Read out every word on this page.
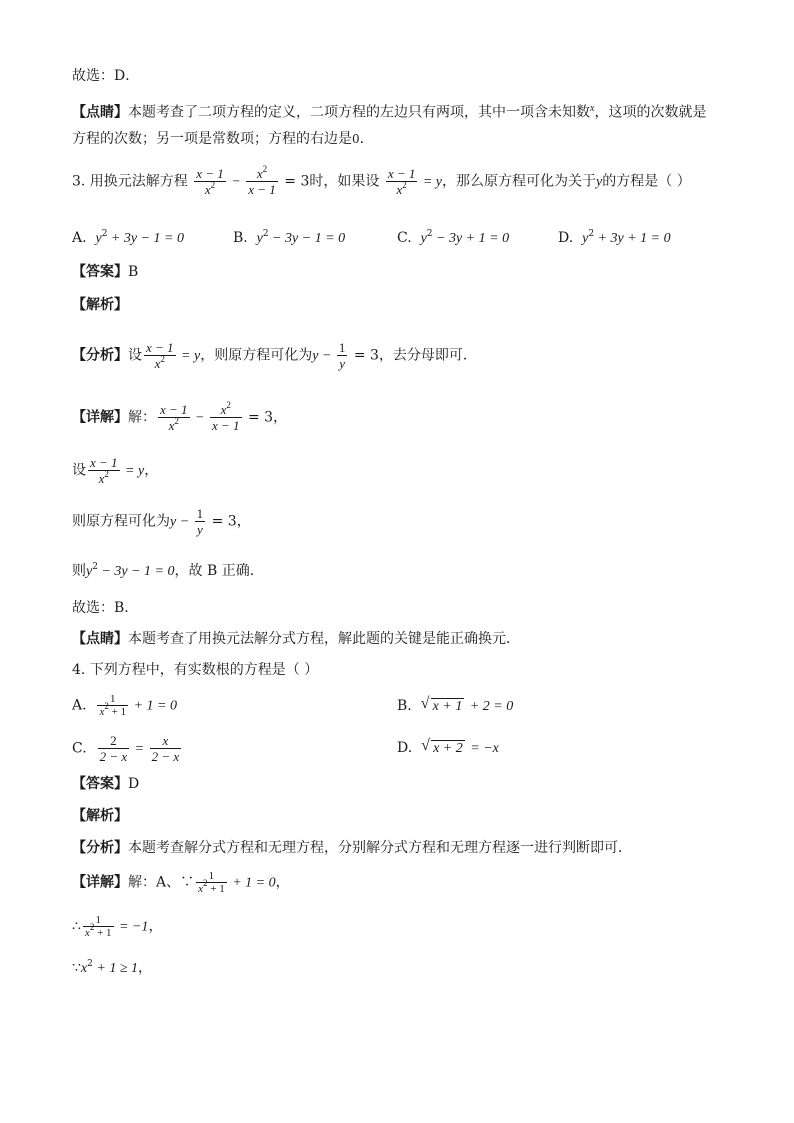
故选：D．
【点睛】本题考查了二项方程的定义，二项方程的左边只有两项，其中一项含未知数$^x$，这项的次数就是
方程的次数；另一项是常数项；方程的右边是0．
3. 用换元法解方程 $\frac{x - 1}{x^2} - \frac{x^2}{x - 1} = 3$时，如果设 $\frac{x - 1}{x^2} = y$，那么原方程可化为关于y的方程是（ ）
A. $y^2 + 3y - 1 = 0$	B. $y^2 - 3y - 1 = 0$	C. $y^2 - 3y + 1 = 0$	D. $y^2 + 3y + 1 = 0$
【答案】B
【解析】
【分析】设 $\frac{x - 1}{x^2} = y$，则原方程可化为$y - \frac{1}{y} = 3$，去分母即可．
【详解】解： $\frac{x - 1}{x^2} - \frac{x^2}{x - 1} = 3$，
设 $\frac{x - 1}{x^2} = y$，
则原方程可化为$y - \frac{1}{y} = 3$，
则$y^2 - 3y - 1 = 0$，故 B 正确．
故选：B．
【点睛】本题考查了用换元法解分式方程，解此题的关键是能正确换元．
4. 下列方程中，有实数根的方程是（ ）
A. $\frac{1}{x^2 + 1} + 1 = 0$	B. √ x + 1 + 2 = 0
C. $\frac{2}{2 - x} = \frac{x}{2 - x}$	D. √ x + 2 = −x
【答案】D
【解析】
【分析】本题考查解分式方程和无理方程，分别解分式方程和无理方程逐一进行判断即可．
【详解】解：A、∵ $\frac{1}{x^2 + 1} + 1 = 0$，
∴ $\frac{1}{x^2 + 1} = -1$，
$\because x^2 + 1 \ge 1$，
